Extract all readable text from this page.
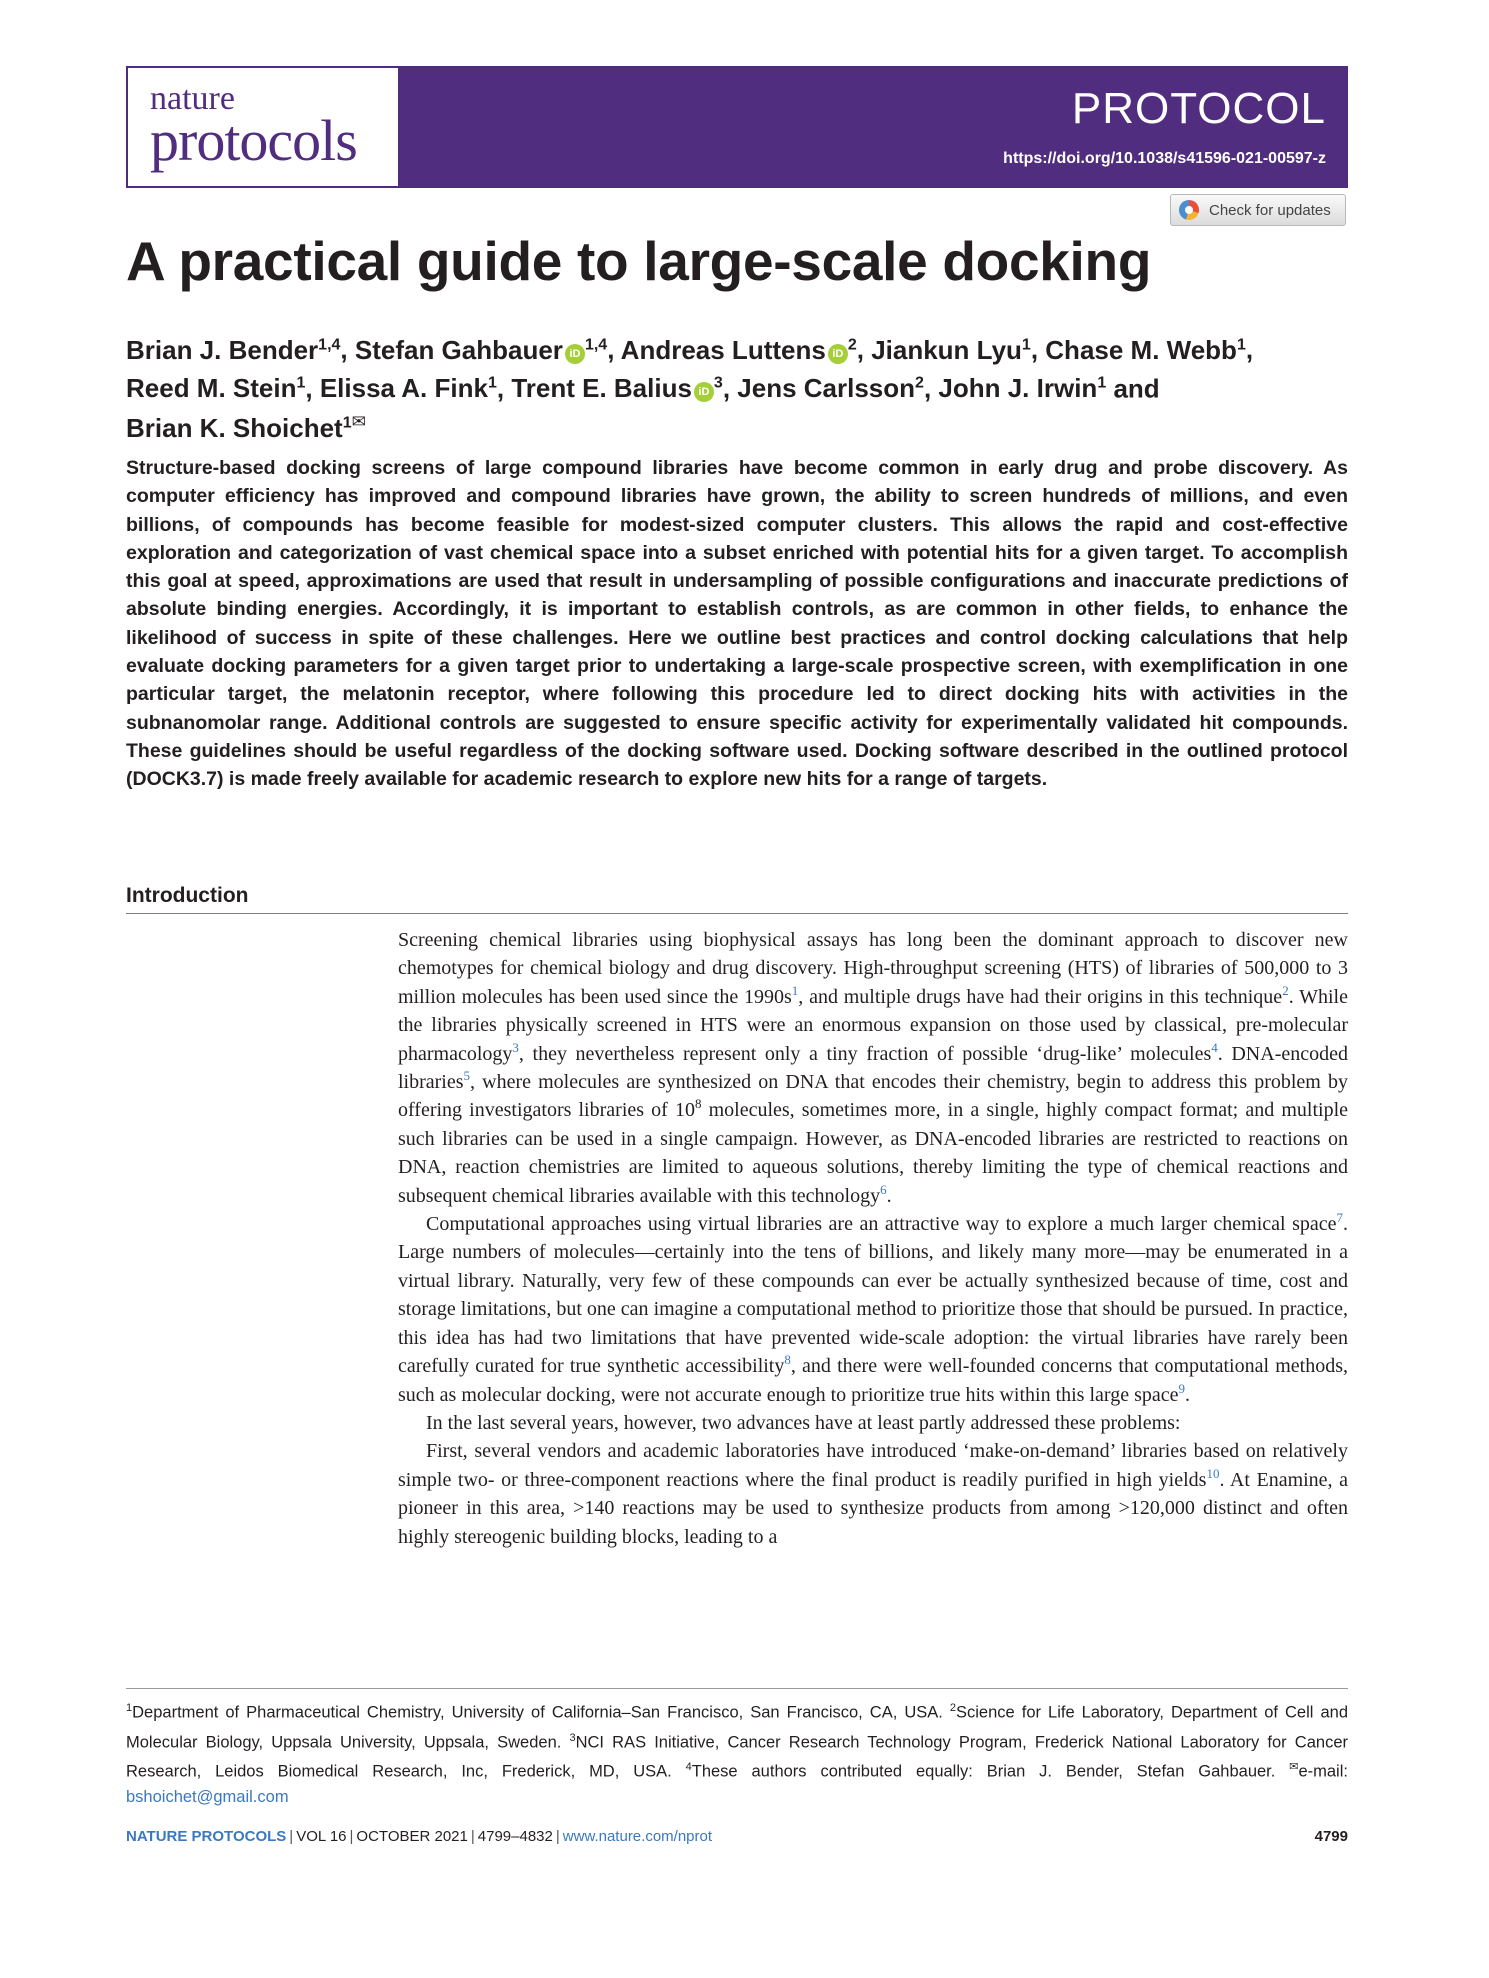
nature
protocols	PROTOCOL
https://doi.org/10.1038/s41596-021-00597-z
Check for updates
A practical guide to large-scale docking
Brian J. Bender$^{1,4}$, Stefan Gahbauer iD$^{1,4}$, Andreas Luttens $iD^2$, Jiankun Lyu$^1$, Chase M. Webb$^1$,
Reed M. Stein$^1$, Elissa A. Fink$^1$, Trent E. Balius $iD^3$, Jens Carlsson$^2$, John J. Irwin$^1$ and
Brian K. Shoichet$^{1✉}$

Structure-based docking screens of large compound libraries have become common in early drug and probe discovery. As computer efficiency has improved and compound libraries have grown, the ability to screen hundreds of millions, and even billions, of compounds has become feasible for modest-sized computer clusters. This allows the rapid and cost-effective exploration and categorization of vast chemical space into a subset enriched with potential hits for a given target. To accomplish this goal at speed, approximations are used that result in undersampling of possible configurations and inaccurate predictions of absolute binding energies. Accordingly, it is important to establish controls, as are common in other fields, to enhance the likelihood of success in spite of these challenges. Here we outline best practices and control docking calculations that help evaluate docking parameters for a given target prior to undertaking a large-scale prospective screen, with exemplification in one particular target, the melatonin receptor, where following this procedure led to direct docking hits with activities in the subnanomolar range. Additional controls are suggested to ensure specific activity for experimentally validated hit compounds. These guidelines should be useful regardless of the docking software used. Docking software described in the outlined protocol (DOCK3.7) is made freely available for academic research to explore new hits for a range of targets.

Introduction

Screening chemical libraries using biophysical assays has long been the dominant approach to discover new chemotypes for chemical biology and drug discovery. High-throughput screening (HTS) of libraries of 500,000 to 3 million molecules has been used since the 1990s$^1$, and multiple drugs have had their origins in this technique$^2$. While the libraries physically screened in HTS were an enormous expansion on those used by classical, pre-molecular pharmacology$^3$, they nevertheless represent only a tiny fraction of possible ‘drug-like’ molecules$^4$. DNA-encoded libraries$^5$, where molecules are synthesized on DNA that encodes their chemistry, begin to address this problem by offering investigators libraries of $10^8$ molecules, sometimes more, in a single, highly compact format; and multiple such libraries can be used in a single campaign. However, as DNA-encoded libraries are restricted to reactions on DNA, reaction chemistries are limited to aqueous solutions, thereby limiting the type of chemical reactions and subsequent chemical libraries available with this technology$^6$.

Computational approaches using virtual libraries are an attractive way to explore a much larger chemical space$^7$. Large numbers of molecules—certainly into the tens of billions, and likely many more—may be enumerated in a virtual library. Naturally, very few of these compounds can ever be actually synthesized because of time, cost and storage limitations, but one can imagine a computational method to prioritize those that should be pursued. In practice, this idea has had two limitations that have prevented wide-scale adoption: the virtual libraries have rarely been carefully curated for true synthetic accessibility$^8$, and there were well-founded concerns that computational methods, such as molecular docking, were not accurate enough to prioritize true hits within this large space$^9$.

In the last several years, however, two advances have at least partly addressed these problems:

First, several vendors and academic laboratories have introduced ‘make-on-demand’ libraries based on relatively simple two- or three-component reactions where the final product is readily purified in high yields$^{10}$. At Enamine, a pioneer in this area, >140 reactions may be used to synthesize products from among >120,000 distinct and often highly stereogenic building blocks, leading to a

$^1$Department of Pharmaceutical Chemistry, University of California–San Francisco, San Francisco, CA, USA. $^2$Science for Life Laboratory, Department of Cell and Molecular Biology, Uppsala University, Uppsala, Sweden. $^3$NCI RAS Initiative, Cancer Research Technology Program, Frederick National Laboratory for Cancer Research, Leidos Biomedical Research, Inc, Frederick, MD, USA. $^4$These authors contributed equally: Brian J. Bender, Stefan Gahbauer. ✉e-mail: bshoichet@gmail.com

NATURE PROTOCOLS | VOL 16 | OCTOBER 2021 | 4799–4832 | www.nature.com/nprot	4799
